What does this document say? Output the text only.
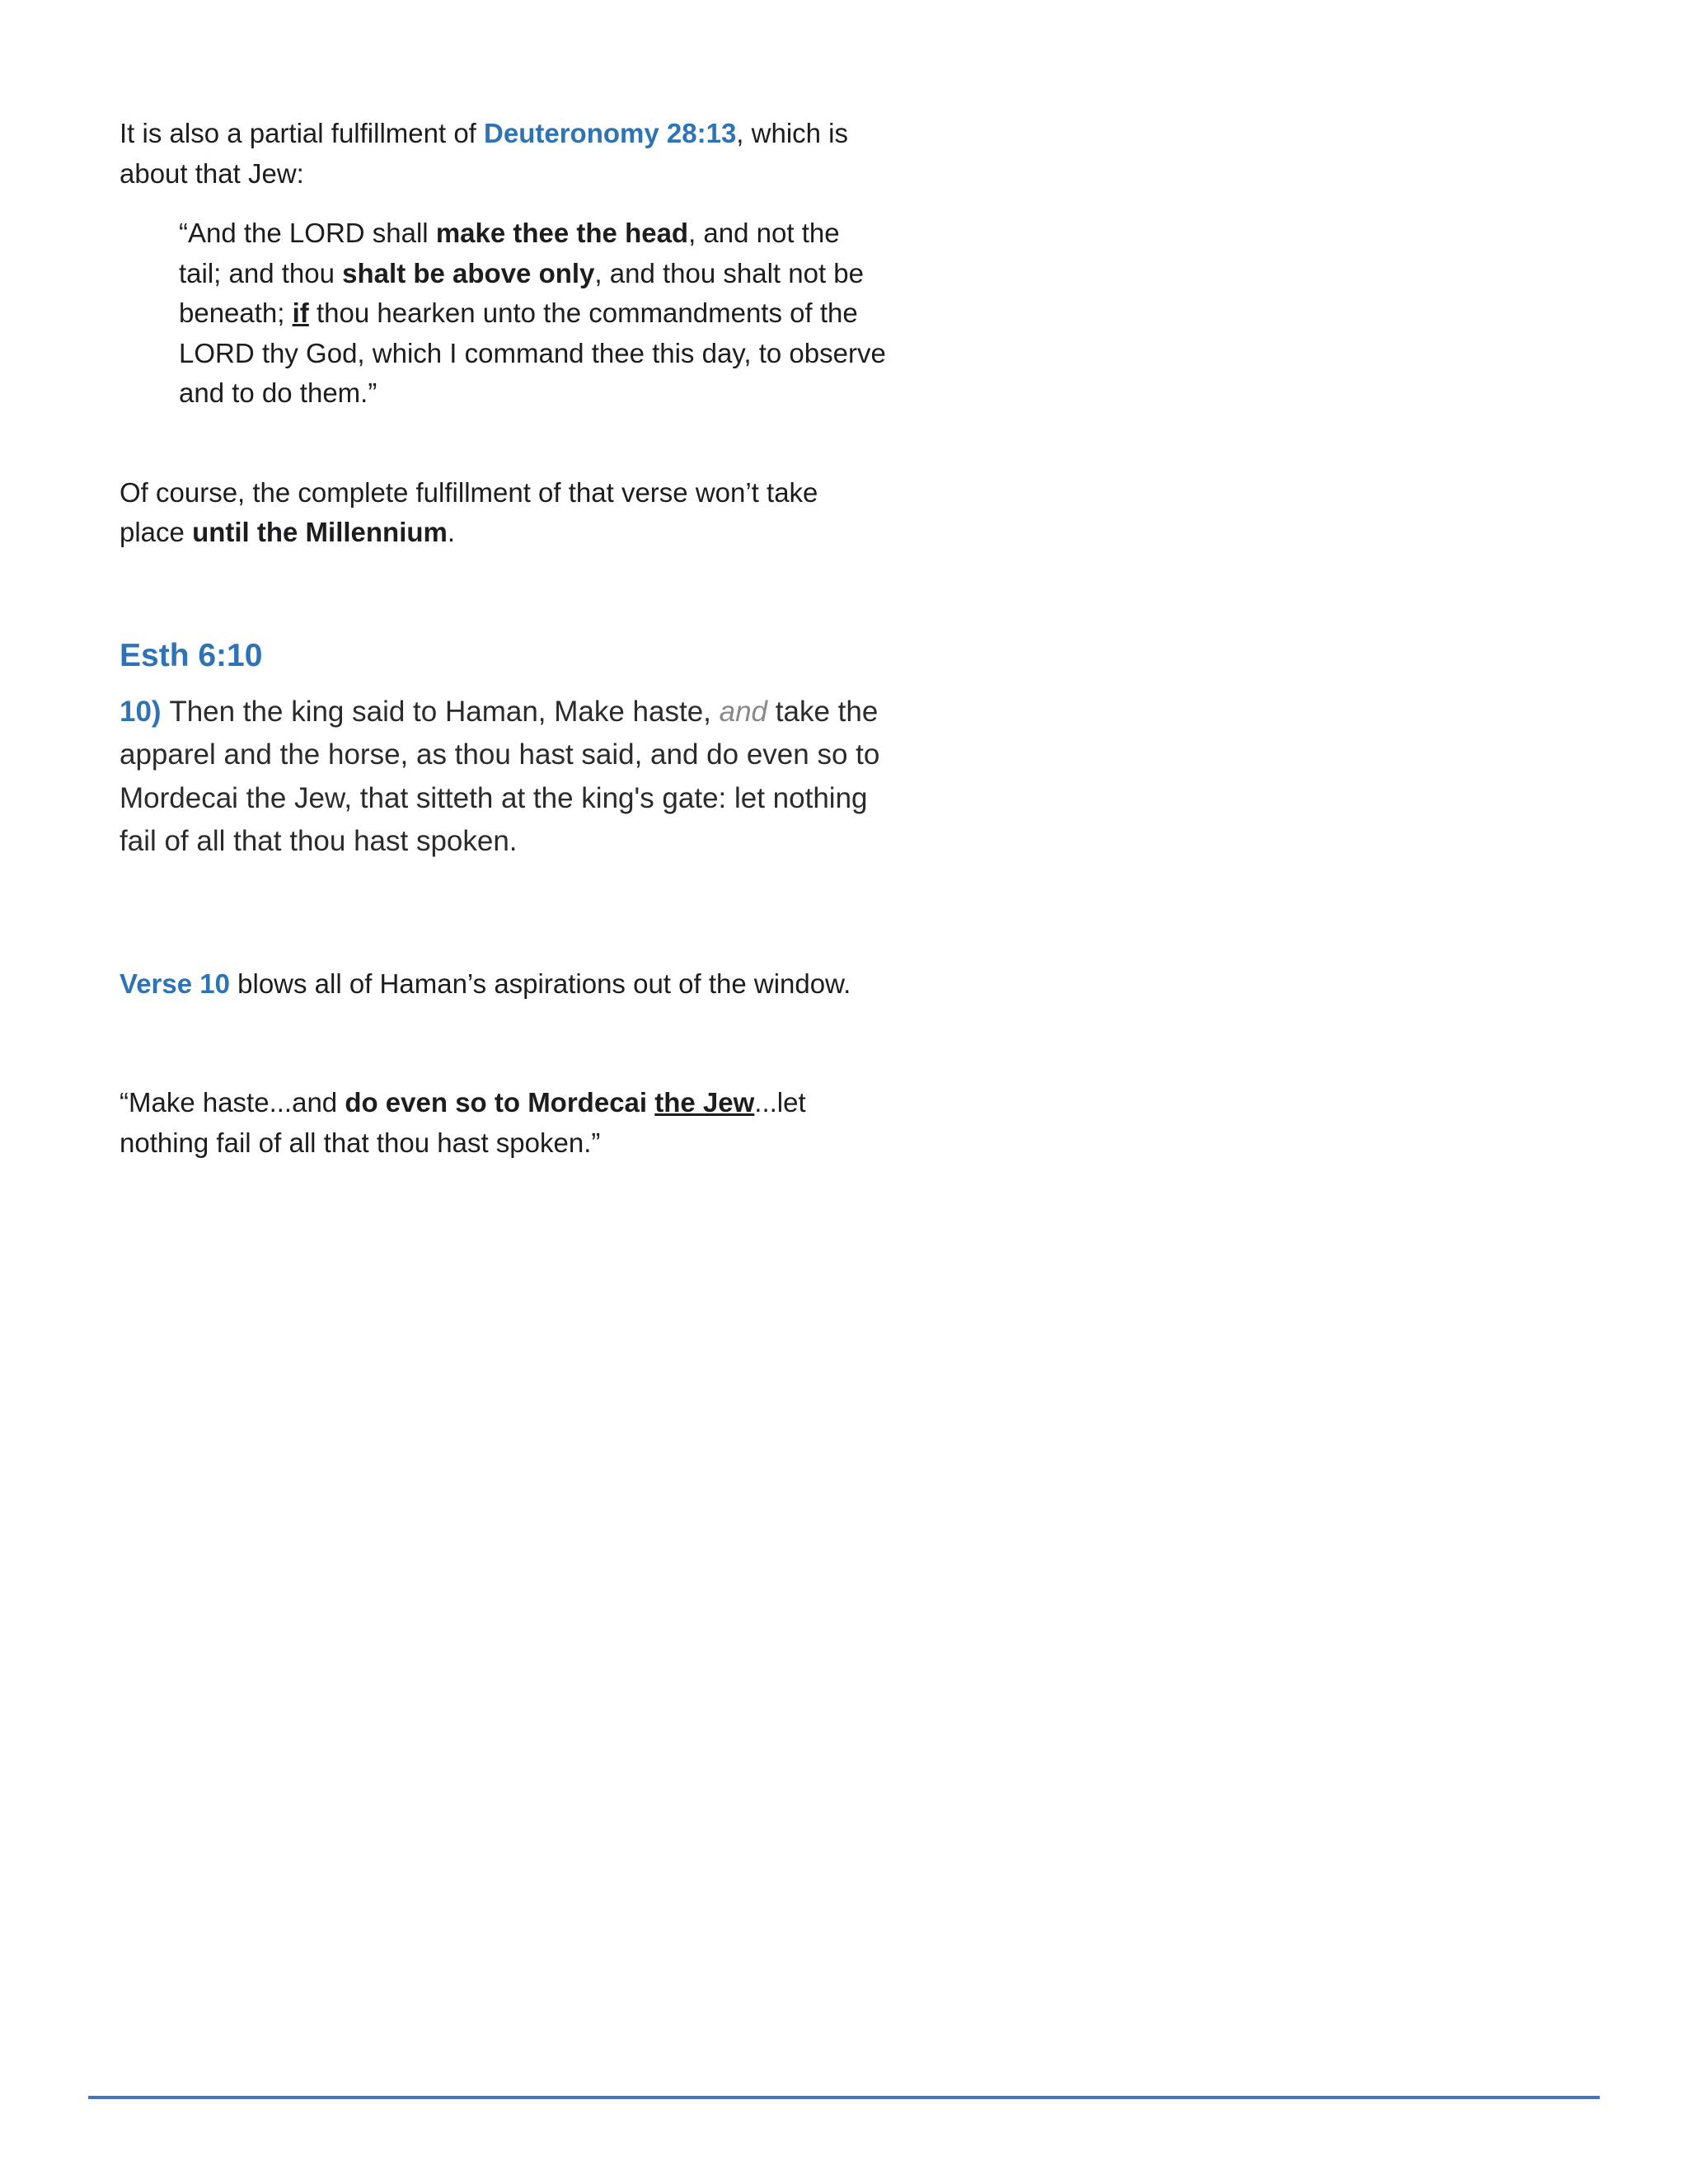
It is also a partial fulfillment of Deuteronomy 28:13, which is about that Jew:

“And the LORD shall make thee the head, and not the tail; and thou shalt be above only, and thou shalt not be beneath; if thou hearken unto the commandments of the LORD thy God, which I command thee this day, to observe and to do them.”

Of course, the complete fulfillment of that verse won’t take place until the Millennium.

Esth 6:10

10) Then the king said to Haman, Make haste, and take the apparel and the horse, as thou hast said, and do even so to Mordecai the Jew, that sitteth at the king's gate: let nothing fail of all that thou hast spoken.

Verse 10 blows all of Haman’s aspirations out of the window.

“Make haste...and do even so to Mordecai the Jew...let nothing fail of all that thou hast spoken.”
